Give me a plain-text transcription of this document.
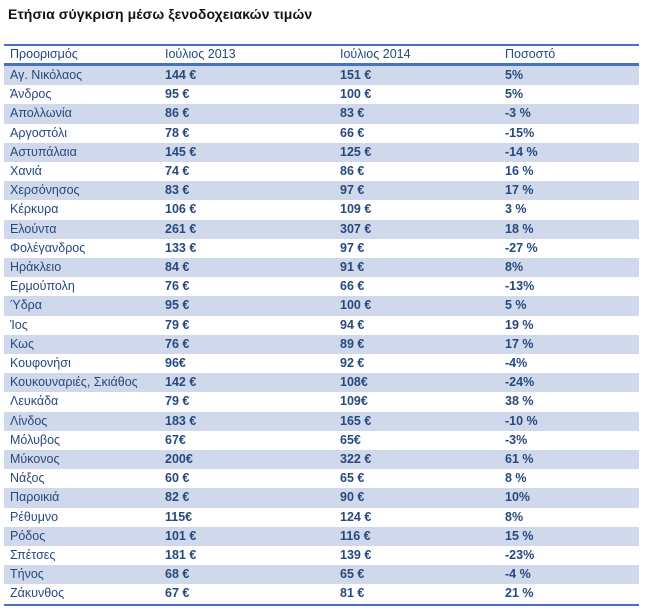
Ετήσια σύγκριση μέσω ξενοδοχειακών τιμών
Προορισμός	Ιούλιος 2013	Ιούλιος 2014	Ποσοστό
Αγ. Νικόλαος	144 €	151 €	5%
Άνδρος	95 €	100 €	5%
Απολλωνία	86 €	83 €	-3 %
Αργοστόλι	78 €	66 €	-15%
Αστυπάλαια	145 €	125 €	-14 %
Χανιά	74 €	86 €	16 %
Χερσόνησος	83 €	97 €	17 %
Κέρκυρα	106 €	109 €	3 %
Ελούντα	261 €	307 €	18 %
Φολέγανδρος	133 €	97 €	-27 %
Ηράκλειο	84 €	91 €	8%
Ερμούπολη	76 €	66 €	-13%
Ύδρα	95 €	100 €	5 %
Ίος	79 €	94 €	19 %
Κως	76 €	89 €	17 %
Κουφονήσι	96€	92 €	-4%
Κουκουναριές, Σκιάθος	142 €	108€	-24%
Λευκάδα	79 €	109€	38 %
Λίνδος	183 €	165 €	-10 %
Μόλυβος	67€	65€	-3%
Μύκονος	200€	322 €	61 %
Νάξος	60 €	65 €	8 %
Παροικιά	82 €	90 €	10%
Ρέθυμνο	115€	124 €	8%
Ρόδος	101 €	116 €	15 %
Σπέτσες	181 €	139 €	-23%
Τήνος	68 €	65 €	-4 %
Ζάκυνθος	67 €	81 €	21 %
